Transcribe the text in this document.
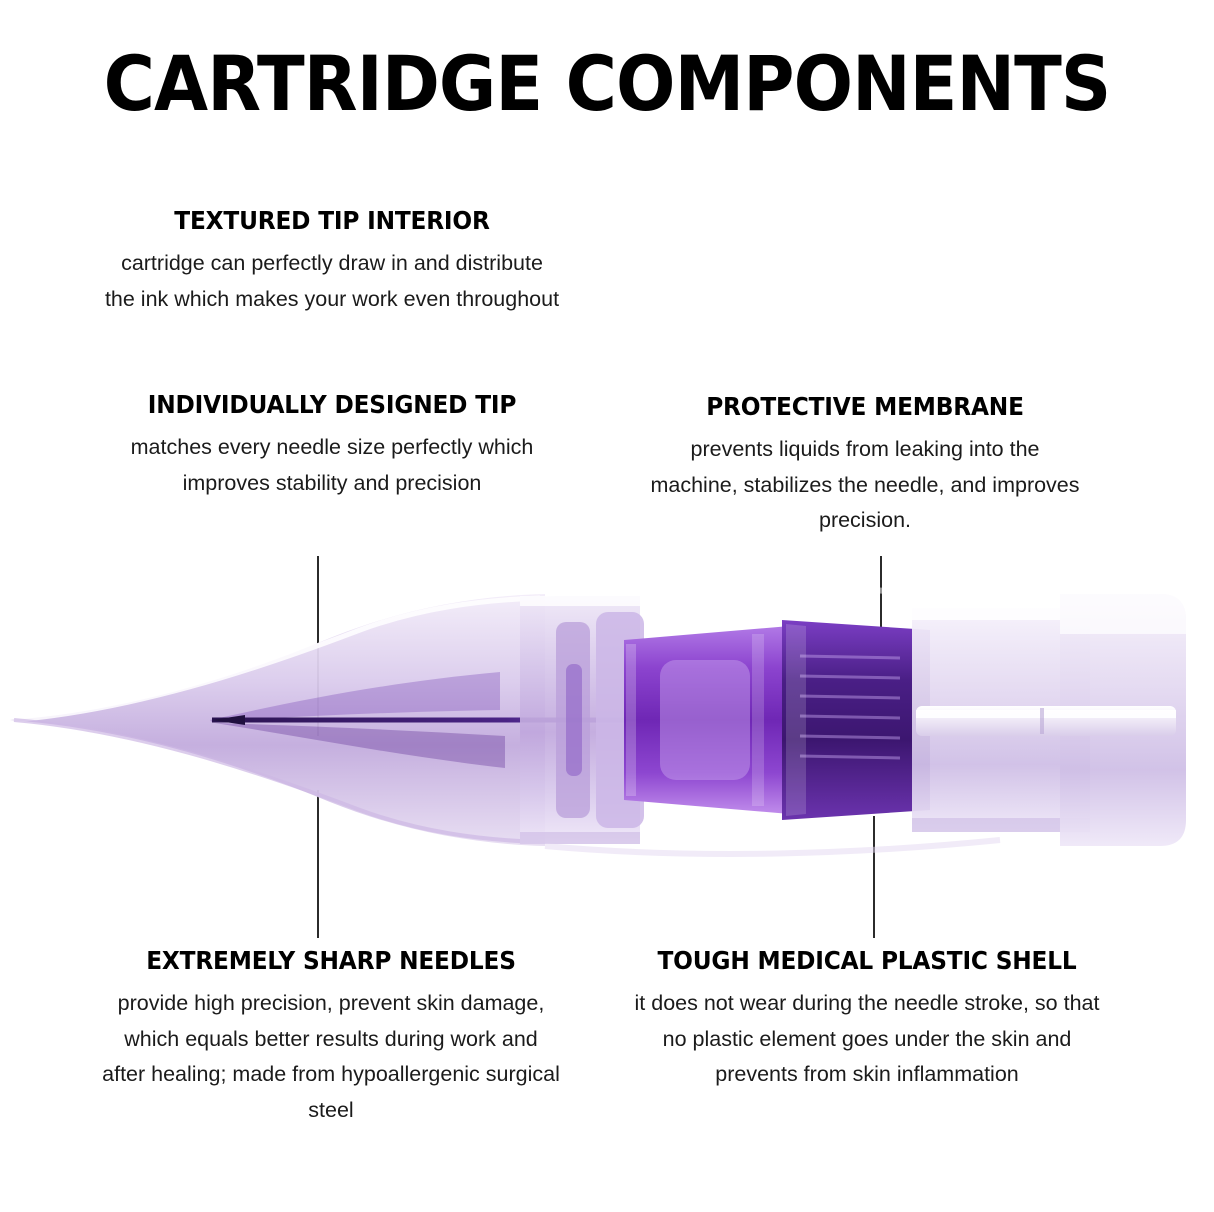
CARTRIDGE COMPONENTS
TEXTURED TIP INTERIOR
cartridge can perfectly draw in and distribute the ink which makes your work even throughout
INDIVIDUALLY DESIGNED TIP
matches every needle size perfectly which improves stability and precision
PROTECTIVE MEMBRANE
prevents liquids from leaking into the machine, stabilizes the needle, and improves precision.
EXTREMELY SHARP NEEDLES
provide high precision, prevent skin damage, which equals better results during work and after healing; made from hypoallergenic surgical steel
TOUGH MEDICAL PLASTIC SHELL
it does not wear during the needle stroke, so that no plastic element goes under the skin and prevents from skin inflammation
